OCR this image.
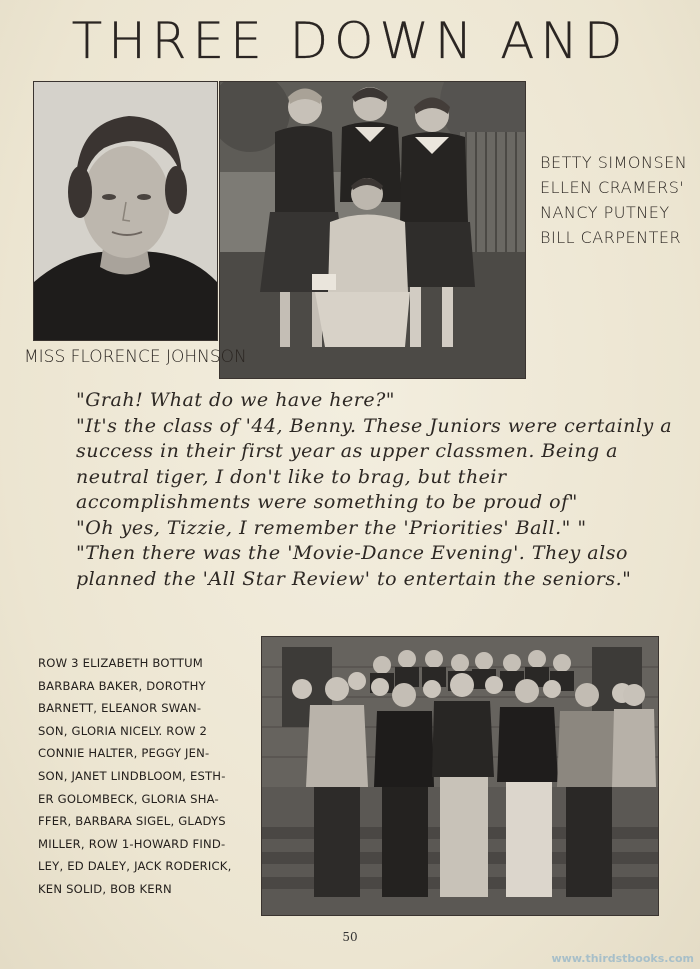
THREE DOWN AND
MISS FLORENCE JOHNSON
BETTY SIMONSEN
ELLEN CRAMERS'
NANCY PUTNEY
BILL CARPENTER

"Grah! What do we have here?"

"It's the class of '44, Benny. These Juniors were certainly a success in their first year as upper classmen. Being a neutral tiger, I don't like to brag, but their accomplishments were something to be proud of"

"Oh yes, Tizzie, I remember the 'Priorities' Ball." "

"Then there was the 'Movie-Dance Evening'. They also planned the 'All Star Review' to entertain the seniors."

ROW 3 ELIZABETH BOTTUM
BARBARA BAKER, DOROTHY
BARNETT, ELEANOR SWAN-
SON, GLORIA NICELY. ROW 2
CONNIE HALTER, PEGGY JEN-
SON, JANET LINDBLOOM, ESTH-
ER GOLOMBECK, GLORIA SHA-
FFER, BARBARA SIGEL, GLADYS
MILLER, ROW 1-HOWARD FIND-
LEY, ED DALEY, JACK RODERICK,
KEN SOLID, BOB KERN
50
www.thirdstbooks.com
